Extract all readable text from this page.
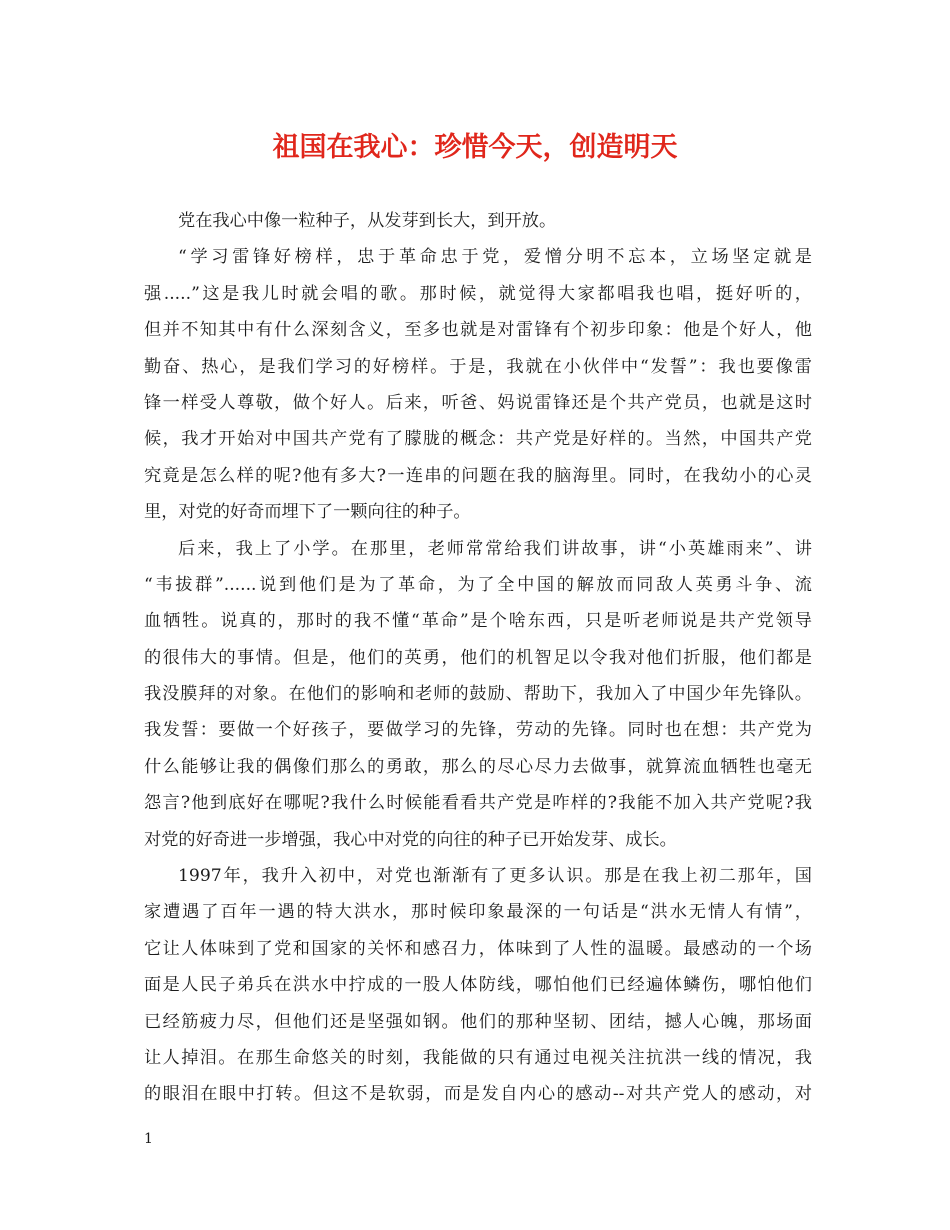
祖国在我心：珍惜今天，创造明天
党在我心中像一粒种子，从发芽到长大，到开放。
“学习雷锋好榜样，忠于革命忠于党，爱憎分明不忘本，立场坚定就是
强.....”这是我儿时就会唱的歌。那时候，就觉得大家都唱我也唱，挺好听的，
但并不知其中有什么深刻含义，至多也就是对雷锋有个初步印象：他是个好人，他
勤奋、热心，是我们学习的好榜样。于是，我就在小伙伴中“发誓”：我也要像雷
锋一样受人尊敬，做个好人。后来，听爸、妈说雷锋还是个共产党员，也就是这时
候，我才开始对中国共产党有了朦胧的概念：共产党是好样的。当然，中国共产党
究竟是怎么样的呢?他有多大?一连串的问题在我的脑海里。同时，在我幼小的心灵
里，对党的好奇而埋下了一颗向往的种子。
后来，我上了小学。在那里，老师常常给我们讲故事，讲“小英雄雨来”、讲
“韦拔群”......说到他们是为了革命，为了全中国的解放而同敌人英勇斗争、流
血牺牲。说真的，那时的我不懂“革命”是个啥东西，只是听老师说是共产党领导
的很伟大的事情。但是，他们的英勇，他们的机智足以令我对他们折服，他们都是
我没膜拜的对象。在他们的影响和老师的鼓励、帮助下，我加入了中国少年先锋队。
我发誓：要做一个好孩子，要做学习的先锋，劳动的先锋。同时也在想：共产党为
什么能够让我的偶像们那么的勇敢，那么的尽心尽力去做事，就算流血牺牲也毫无
怨言?他到底好在哪呢?我什么时候能看看共产党是咋样的?我能不加入共产党呢?我
对党的好奇进一步增强，我心中对党的向往的种子已开始发芽、成长。
1997年，我升入初中，对党也渐渐有了更多认识。那是在我上初二那年，国
家遭遇了百年一遇的特大洪水，那时候印象最深的一句话是“洪水无情人有情”，
它让人体味到了党和国家的关怀和感召力，体味到了人性的温暖。最感动的一个场
面是人民子弟兵在洪水中拧成的一股人体防线，哪怕他们已经遍体鳞伤，哪怕他们
已经筋疲力尽，但他们还是坚强如钢。他们的那种坚韧、团结，撼人心魄，那场面
让人掉泪。在那生命悠关的时刻，我能做的只有通过电视关注抗洪一线的情况，我
的眼泪在眼中打转。但这不是软弱，而是发自内心的感动--对共产党人的感动，对
1
